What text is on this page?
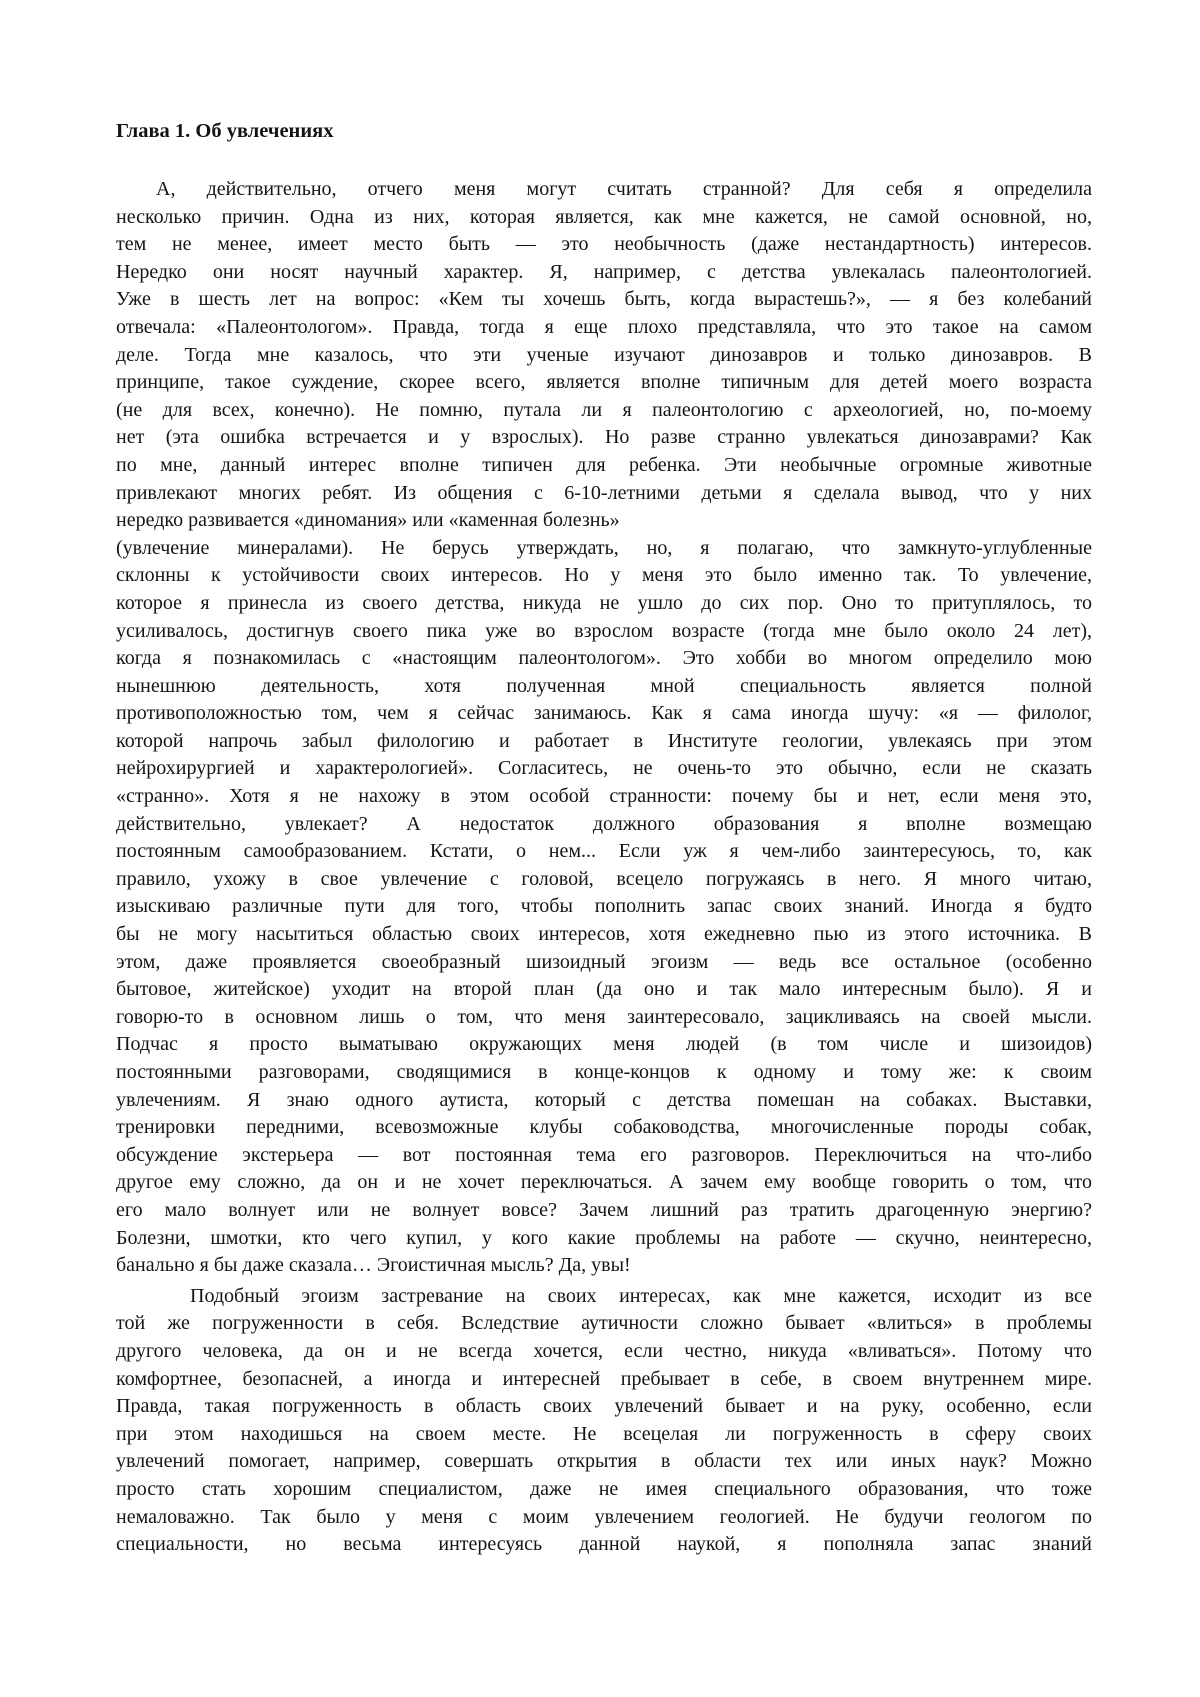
Глава 1. Об увлечениях
А, действительно, отчего меня могут считать странной? Для себя я определила
несколько причин. Одна из них, которая является, как мне кажется, не самой основной, но,
тем не менее, имеет место быть — это необычность (даже нестандартность) интересов.
Нередко они носят научный характер. Я, например, с детства увлекалась палеонтологией.
Уже в шесть лет на вопрос: «Кем ты хочешь быть, когда вырастешь?», — я без колебаний
отвечала: «Палеонтологом». Правда, тогда я еще плохо представляла, что это такое на самом
деле. Тогда мне казалось, что эти ученые изучают динозавров и только динозавров. В
принципе, такое суждение, скорее всего, является вполне типичным для детей моего возраста
(не для всех, конечно). Не помню, путала ли я палеонтологию с археологией, но, по-моему
нет (эта ошибка встречается и у взрослых). Но разве странно увлекаться динозаврами? Как
по мне, данный интерес вполне типичен для ребенка. Эти необычные огромные животные
привлекают многих ребят. Из общения с 6-10-летними детьми я сделала вывод, что у них
нередко развивается «диномания» или «каменная болезнь»
(увлечение минералами). Не берусь утверждать, но, я полагаю, что замкнуто-углубленные
склонны к устойчивости своих интересов. Но у меня это было именно так. То увлечение,
которое я принесла из своего детства, никуда не ушло до сих пор. Оно то притуплялось, то
усиливалось, достигнув своего пика уже во взрослом возрасте (тогда мне было около 24 лет),
когда я познакомилась с «настоящим палеонтологом». Это хобби во многом определило мою
нынешнюю деятельность, хотя полученная мной специальность является полной
противоположностью том, чем я сейчас занимаюсь. Как я сама иногда шучу: «я — филолог,
которой напрочь забыл филологию и работает в Институте геологии, увлекаясь при этом
нейрохирургией и характерологией». Согласитесь, не очень-то это обычно, если не сказать
«странно». Хотя я не нахожу в этом особой странности: почему бы и нет, если меня это,
действительно, увлекает? А недостаток должного образования я вполне возмещаю
постоянным самообразованием. Кстати, о нем... Если уж я чем-либо заинтересуюсь, то, как
правило, ухожу в свое увлечение с головой, всецело погружаясь в него. Я много читаю,
изыскиваю различные пути для того, чтобы пополнить запас своих знаний. Иногда я будто
бы не могу насытиться областью своих интересов, хотя ежедневно пью из этого источника. В
этом, даже проявляется своеобразный шизоидный эгоизм — ведь все остальное (особенно
бытовое, житейское) уходит на второй план (да оно и так мало интересным было). Я и
говорю-то в основном лишь о том, что меня заинтересовало, зацикливаясь на своей мысли.
Подчас я просто выматываю окружающих меня людей (в том числе и шизоидов)
постоянными разговорами, сводящимися в конце-концов к одному и тому же: к своим
увлечениям. Я знаю одного аутиста, который с детства помешан на собаках. Выставки,
тренировки передними, всевозможные клубы собаководства, многочисленные породы собак,
обсуждение экстерьера — вот постоянная тема его разговоров. Переключиться на что-либо
другое ему сложно, да он и не хочет переключаться. А зачем ему вообще говорить о том, что
его мало волнует или не волнует вовсе? Зачем лишний раз тратить драгоценную энергию?
Болезни, шмотки, кто чего купил, у кого какие проблемы на работе — скучно, неинтересно,
банально я бы даже сказала… Эгоистичная мысль? Да, увы!
Подобный эгоизм застревание на своих интересах, как мне кажется, исходит из все
той же погруженности в себя. Вследствие аутичности сложно бывает «влиться» в проблемы
другого человека, да он и не всегда хочется, если честно, никуда «вливаться». Потому что
комфортнее, безопасней, а иногда и интересней пребывает в себе, в своем внутреннем мире.
Правда, такая погруженность в область своих увлечений бывает и на руку, особенно, если
при этом находишься на своем месте. Не всецелая ли погруженность в сферу своих
увлечений помогает, например, совершать открытия в области тех или иных наук? Можно
просто стать хорошим специалистом, даже не имея специального образования, что тоже
немаловажно. Так было у меня с моим увлечением геологией. Не будучи геологом по
специальности, но весьма интересуясь данной наукой, я пополняла запас знаний
